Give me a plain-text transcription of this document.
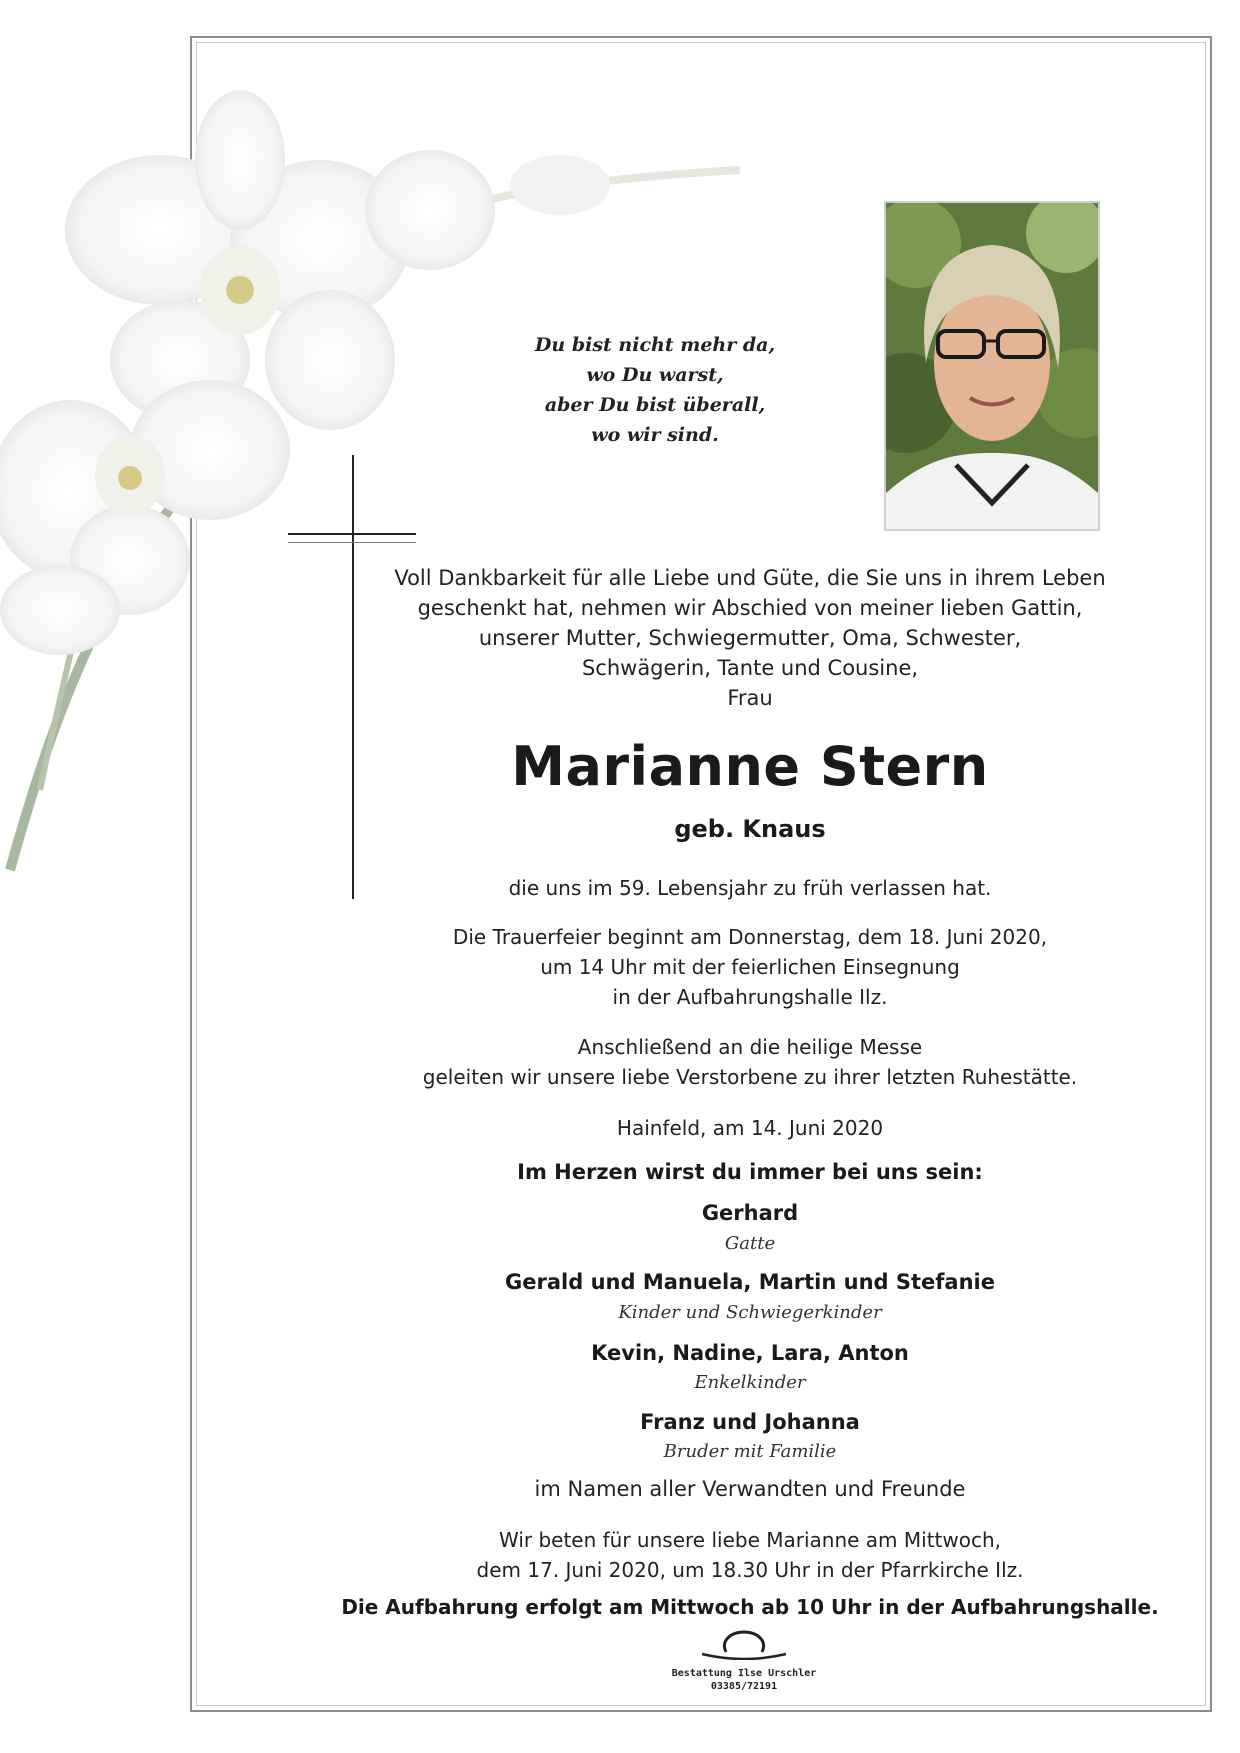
Du bist nicht mehr da,
wo Du warst,
aber Du bist überall,
wo wir sind.
Voll Dankbarkeit für alle Liebe und Güte, die Sie uns in ihrem Leben
geschenkt hat, nehmen wir Abschied von meiner lieben Gattin,
unserer Mutter, Schwiegermutter, Oma, Schwester,
Schwägerin, Tante und Cousine,
Frau
Marianne Stern
geb. Knaus
die uns im 59. Lebensjahr zu früh verlassen hat.
Die Trauerfeier beginnt am Donnerstag, dem 18. Juni 2020,
um 14 Uhr mit der feierlichen Einsegnung
in der Aufbahrungshalle Ilz.
Anschließend an die heilige Messe
geleiten wir unsere liebe Verstorbene zu ihrer letzten Ruhestätte.
Hainfeld, am 14. Juni 2020
Im Herzen wirst du immer bei uns sein:
Gerhard
Gatte
Gerald und Manuela, Martin und Stefanie
Kinder und Schwiegerkinder
Kevin, Nadine, Lara, Anton
Enkelkinder
Franz und Johanna
Bruder mit Familie
im Namen aller Verwandten und Freunde
Wir beten für unsere liebe Marianne am Mittwoch,
dem 17. Juni 2020, um 18.30 Uhr in der Pfarrkirche Ilz.
Die Aufbahrung erfolgt am Mittwoch ab 10 Uhr in der Aufbahrungshalle.
Bestattung Ilse Urschler
03385/72191
